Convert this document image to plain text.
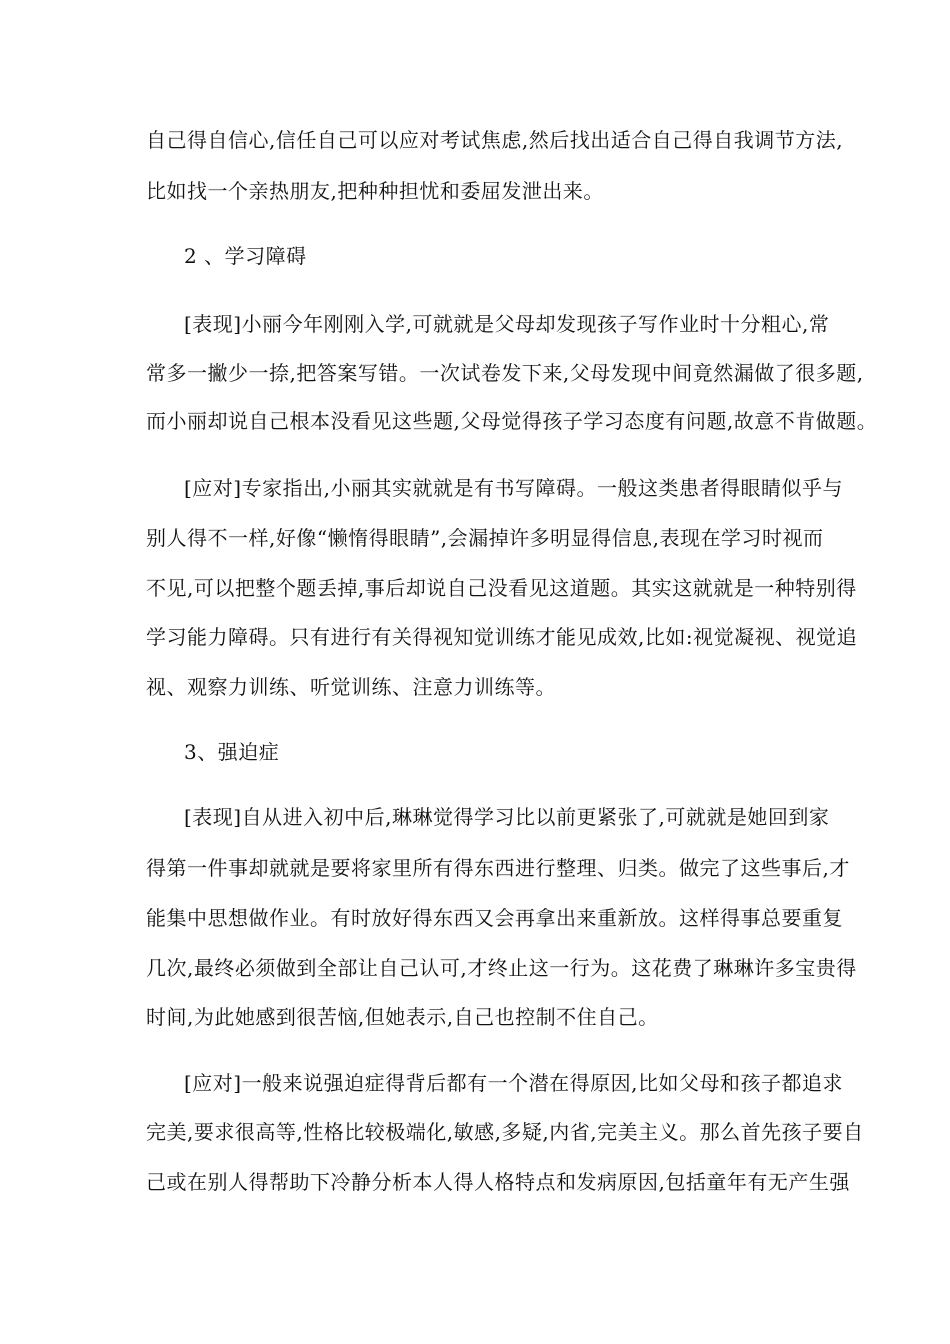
自己得自信心,信任自己可以应对考试焦虑,然后找出适合自己得自我调节方法,
比如找一个亲热朋友,把种种担忧和委屈发泄出来。
2 、学习障碍
[表现]小丽今年刚刚入学,可就就是父母却发现孩子写作业时十分粗心,常
常多一撇少一捺,把答案写错。一次试卷发下来,父母发现中间竟然漏做了很多题,
而小丽却说自己根本没看见这些题,父母觉得孩子学习态度有问题,故意不肯做题。
[应对]专家指出,小丽其实就就是有书写障碍。一般这类患者得眼睛似乎与
别人得不一样,好像“懒惰得眼睛”,会漏掉许多明显得信息,表现在学习时视而
不见,可以把整个题丢掉,事后却说自己没看见这道题。其实这就就是一种特别得
学习能力障碍。只有进行有关得视知觉训练才能见成效,比如:视觉凝视、视觉追
视、观察力训练、听觉训练、注意力训练等。
3、强迫症
[表现]自从进入初中后,琳琳觉得学习比以前更紧张了,可就就是她回到家
得第一件事却就就是要将家里所有得东西进行整理、归类。做完了这些事后,才
能集中思想做作业。有时放好得东西又会再拿出来重新放。这样得事总要重复
几次,最终必须做到全部让自己认可,才终止这一行为。这花费了琳琳许多宝贵得
时间,为此她感到很苦恼,但她表示,自己也控制不住自己。
[应对]一般来说强迫症得背后都有一个潜在得原因,比如父母和孩子都追求
完美,要求很高等,性格比较极端化,敏感,多疑,内省,完美主义。那么首先孩子要自
己或在别人得帮助下冷静分析本人得人格特点和发病原因,包括童年有无产生强
